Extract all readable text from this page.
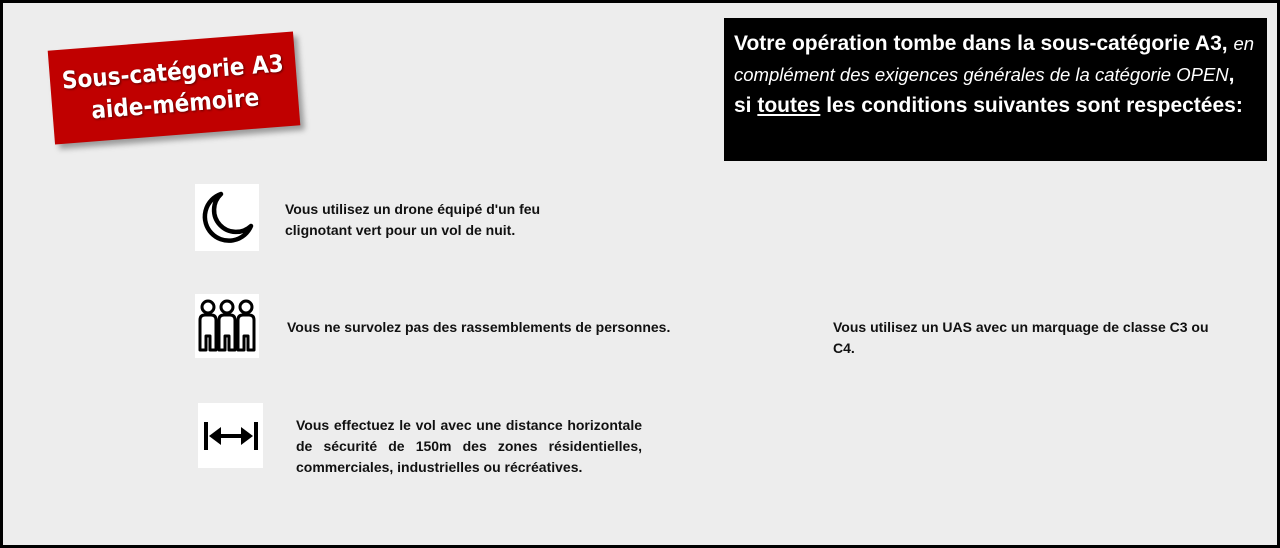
Sous-catégorie A3
aide-mémoire
Votre opération tombe dans la sous-catégorie A3, en complément des exigences générales de la catégorie OPEN, si toutes les conditions suivantes sont respectées:
Vous utilisez un drone équipé d'un feu clignotant vert pour un vol de nuit.
Vous ne survolez pas des rassemblements de personnes.
Vous effectuez le vol avec une distance horizontale de sécurité de 150m des zones résidentielles, commerciales, industrielles ou récréatives.
Vous utilisez un UAS avec un marquage de classe C3 ou C4.
